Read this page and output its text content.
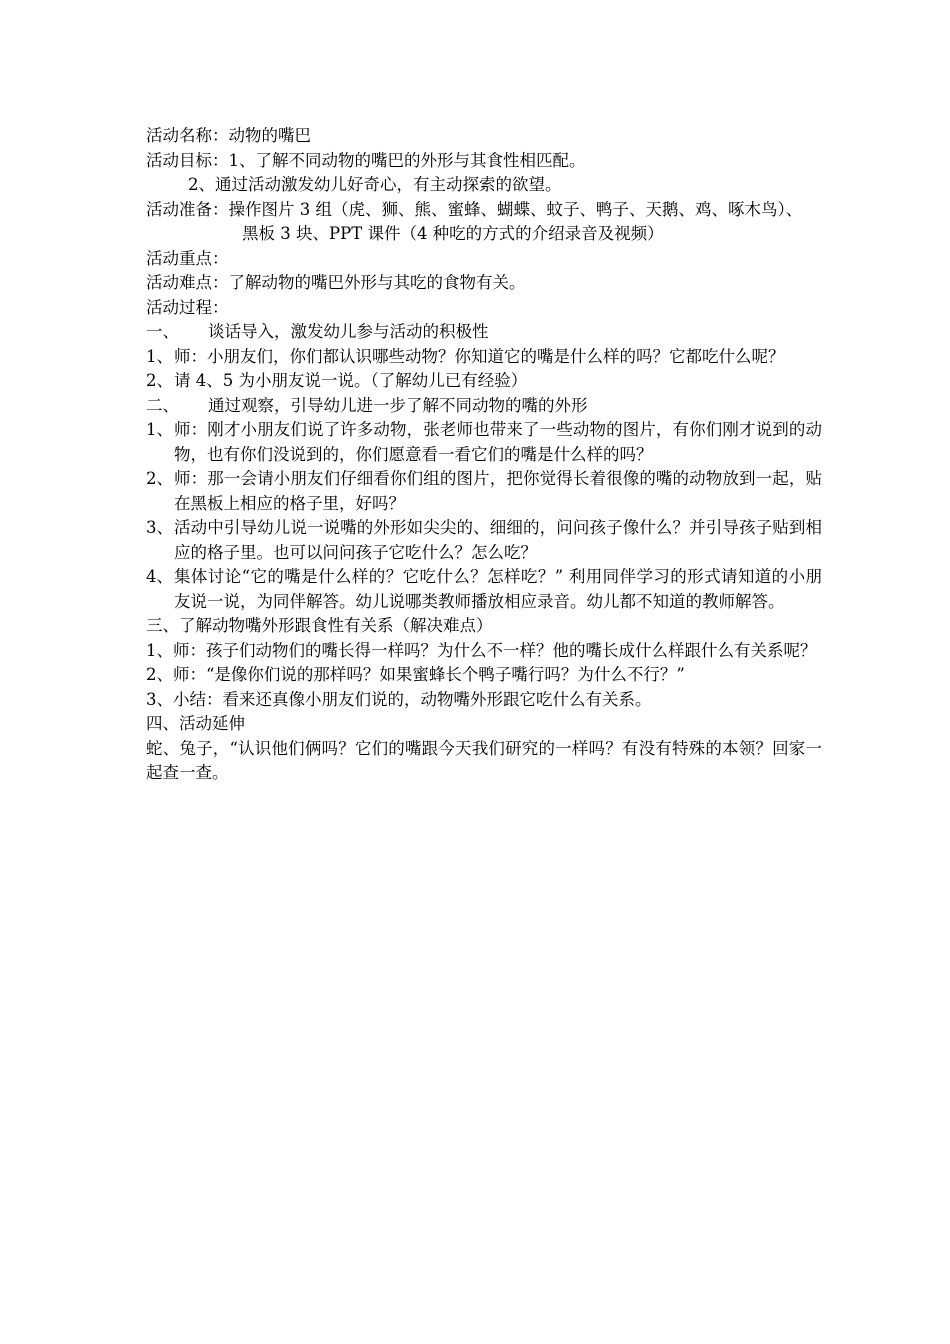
活动名称：动物的嘴巴
活动目标：1、了解不同动物的嘴巴的外形与其食性相匹配。
2、通过活动激发幼儿好奇心，有主动探索的欲望。
活动准备：操作图片 3 组（虎、狮、熊、蜜蜂、蝴蝶、蚊子、鸭子、天鹅、鸡、啄木鸟）、
黑板 3 块、PPT 课件（4 种吃的方式的介绍录音及视频）
活动重点：
活动难点：了解动物的嘴巴外形与其吃的食物有关。
活动过程：
一、	谈话导入，激发幼儿参与活动的积极性
1、 师：小朋友们，你们都认识哪些动物？你知道它的嘴是什么样的吗？它都吃什么呢？
2、 请 4、5 为小朋友说一说。（了解幼儿已有经验）
二、	通过观察，引导幼儿进一步了解不同动物的嘴的外形
1、 师：刚才小朋友们说了许多动物，张老师也带来了一些动物的图片，有你们刚才说到的动物，也有你们没说到的，你们愿意看一看它们的嘴是什么样的吗？
2、 师：那一会请小朋友们仔细看你们组的图片，把你觉得长着很像的嘴的动物放到一起，贴在黑板上相应的格子里，好吗？
3、 活动中引导幼儿说一说嘴的外形如尖尖的、细细的，问问孩子像什么？并引导孩子贴到相应的格子里。也可以问问孩子它吃什么？怎么吃？
4、 集体讨论“它的嘴是什么样的？它吃什么？怎样吃？” 利用同伴学习的形式请知道的小朋友说一说，为同伴解答。幼儿说哪类教师播放相应录音。幼儿都不知道的教师解答。
三、了解动物嘴外形跟食性有关系（解决难点）
1、师：孩子们动物们的嘴长得一样吗？为什么不一样？他的嘴长成什么样跟什么有关系呢？
2、师：“是像你们说的那样吗？如果蜜蜂长个鸭子嘴行吗？为什么不行？”
3、小结：看来还真像小朋友们说的，动物嘴外形跟它吃什么有关系。
四、活动延伸
蛇、兔子，“认识他们俩吗？它们的嘴跟今天我们研究的一样吗？有没有特殊的本领？回家一起查一查。
